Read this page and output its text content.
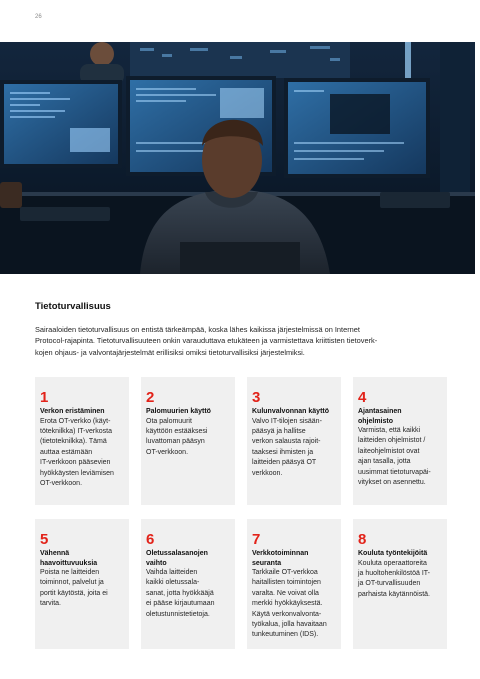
26
Tietoturvallisuus
Sairaaloiden tietoturvallisuus on entistä tärkeämpää, koska lähes kaikissa järjestelmissä on Internet
Protocol-rajapinta. Tietoturvallisuuteen onkin varauduttava etukäteen ja varmistettava kriittisten tietoverk-
kojen ohjaus- ja valvontajärjestelmät erillisiksi omiksi tietoturvallisiksi järjestelmiksi.
1
Verkon eristäminen
Erota OT-verkko (käyt-
töteknilkka) IT-verkosta
(tietoteknilkka). Tämä
auttaa estämään
IT-verkkoon pääsevien
hyökkäysten leviämisen
OT-verkkoon.
2
Palomuurien käyttö
Ota palomuurit
käyttöön estääksesi
luvattoman pääsyn
OT-verkkoon.
3
Kulunvalvonnan käyttö
Valvo IT-tilojen sisään-
pääsyä ja hallitse
verkon salausta rajoit-
taaksesi ihmisten ja
laitteiden pääsyä OT
verkkoon.
4
Ajantasainen
ohjelmisto
Varmista, että kaikki
laitteiden ohjelmistot /
laiteohjelmistot ovat
ajan tasalla, jotta
uusimmat tietoturvapäi-
vitykset on asennettu.
5
Vähennä
haavoittuvuuksia
Poista ne laitteiden
toiminnot, palvelut ja
portit käytöstä, joita ei
tarvita.
6
Oletussalasanojen
vaihto
Vaihda laitteiden
kaikki oletussala-
sanat, jotta hyökkääjä
ei pääse kirjautumaan
oletustunnistetietoja.
7
Verkkotoiminnan
seuranta
Tarkkaile OT-verkkoa
haitallisten toimintojen
varalta. Ne voivat olla
merkki hyökkäyksestä.
Käytä verkonvalvonta-
työkalua, jolla havaitaan
tunkeutuminen (IDS).
8
Kouluta työntekijöitä
Kouluta operaattoreita
ja huoltohenkilöstöä IT-
ja OT-turvallisuuden
parhaista käytännöistä.
